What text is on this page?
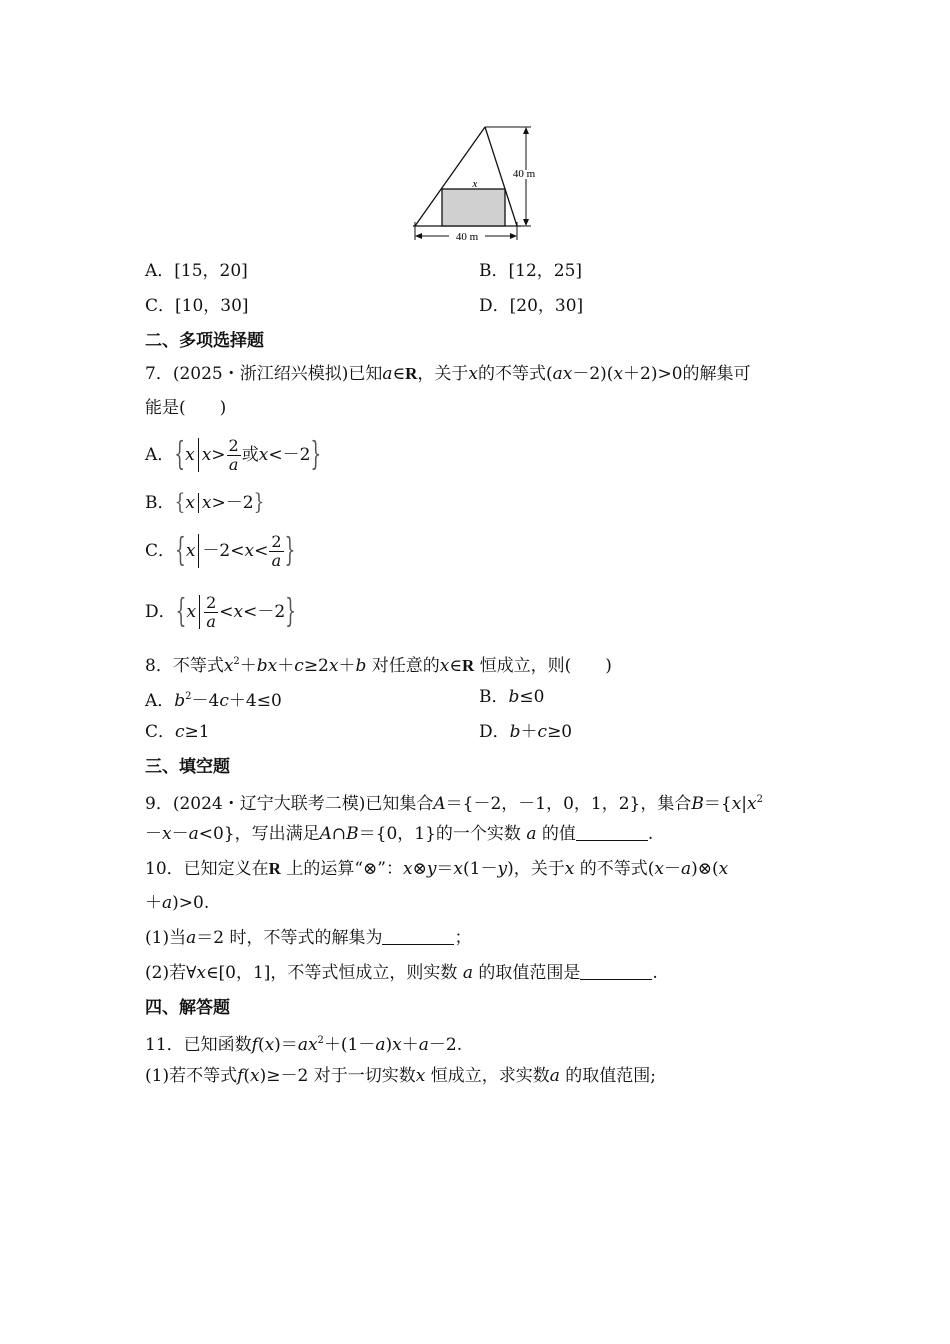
x
40 m
40 m
A．[15，20]	B．[12，25]
C．[10，30]	D．[20，30]
二、多项选择题
7．(2025・浙江绍兴模拟)已知a∈R，关于x的不等式(ax－2)(x＋2)>0的解集可
能是(　　)
A． { x $x > \frac{2}{a}$ 或 x <－2 }
B． { x x >－2 }
C． { $x -2< x < \frac{2}{a}$ }
D． { x $\frac{2}{a} < x <-2$ }
8．不等式$x^2+bx+c\ge 2x+b$ 对任意的x∈R 恒成立，则(　　)
A．$b^2-4c+4\le 0$	B．b≤0
C．c≥1	D．b＋c≥0
三、填空题
9．(2024・辽宁大联考二模)已知集合A＝{－2，－1，0，1，2}，集合$B=\{x|x^2$
－x－a<0}，写出满足A∩B＝{0，1}的一个实数 a 的值	.
10．已知定义在R 上的运算“⊗”：x⊗y＝x(1－y)，关于x 的不等式(x－a)⊗(x
＋a)>0.
(1)当a＝2 时，不等式的解集为	；
(2)若∀x∈[0，1]，不等式恒成立，则实数 a 的取值范围是	.
四、解答题
11．已知函数$f(x)=ax^2+(1-a)x+a-2$.
(1)若不等式f(x)≥－2 对于一切实数x 恒成立，求实数a 的取值范围;
